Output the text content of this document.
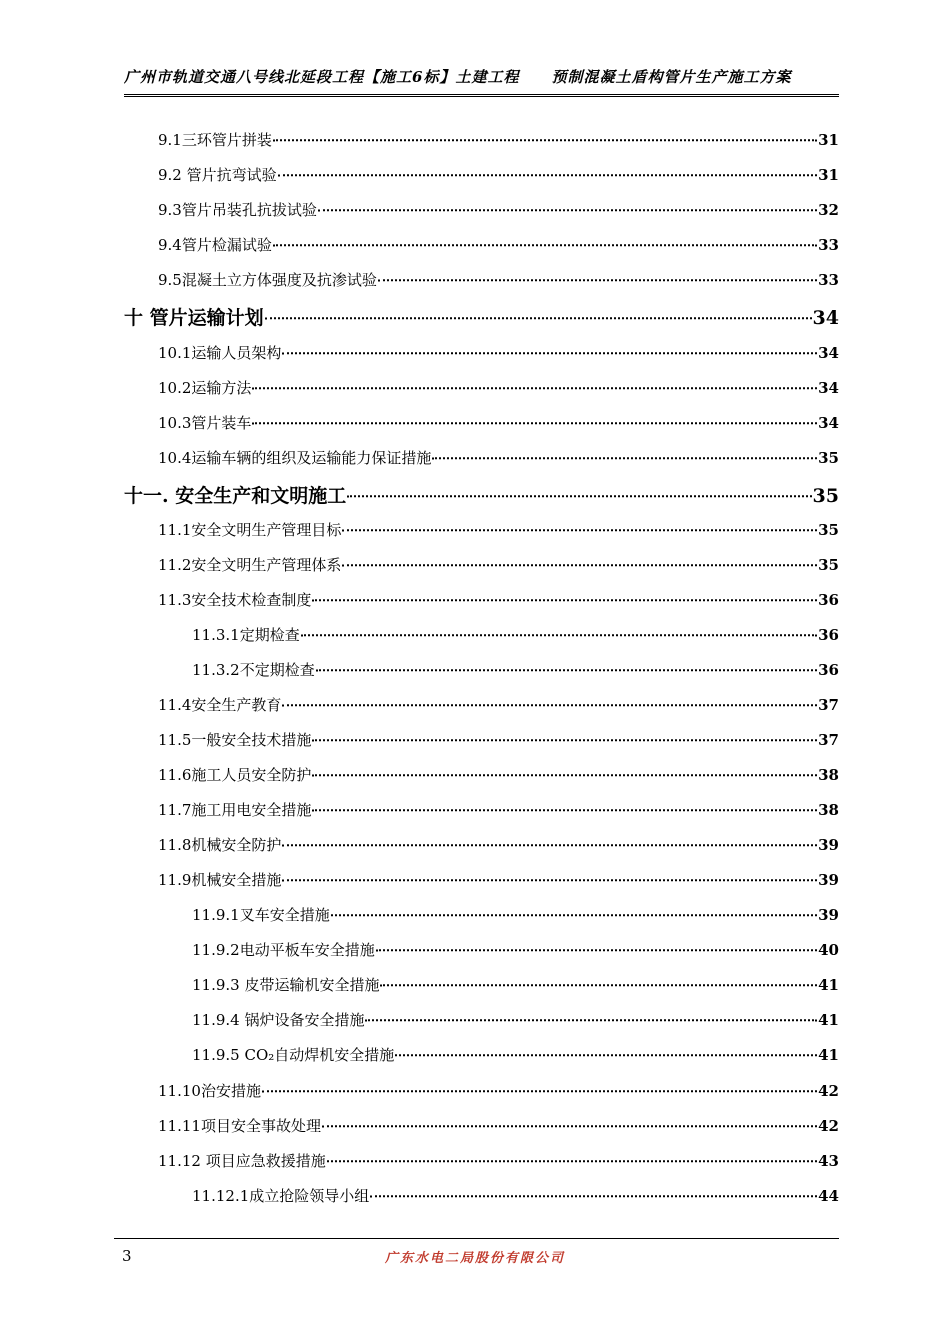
广州市轨道交通八号线北延段工程【施工6标】土建工程　　预制混凝土盾构管片生产施工方案
9.1三环管片拼装	31
9.2 管片抗弯试验	31
9.3管片吊装孔抗拔试验	32
9.4管片检漏试验	33
9.5混凝土立方体强度及抗渗试验	33
十 管片运输计划	34
10.1运输人员架构	34
10.2运输方法	34
10.3管片装车	34
10.4运输车辆的组织及运输能力保证措施	35
十一. 安全生产和文明施工	35
11.1安全文明生产管理目标	35
11.2安全文明生产管理体系	35
11.3安全技术检查制度	36
11.3.1定期检查	36
11.3.2不定期检查	36
11.4安全生产教育	37
11.5一般安全技术措施	37
11.6施工人员安全防护	38
11.7施工用电安全措施	38
11.8机械安全防护	39
11.9机械安全措施	39
11.9.1叉车安全措施	39
11.9.2电动平板车安全措施	40
11.9.3 皮带运输机安全措施	41
11.9.4 锅炉设备安全措施	41
11.9.5 CO₂自动焊机安全措施	41
11.10治安措施	42
11.11项目安全事故处理	42
11.12 项目应急救援措施	43
11.12.1成立抢险领导小组	44
3	广东水电二局股份有限公司
